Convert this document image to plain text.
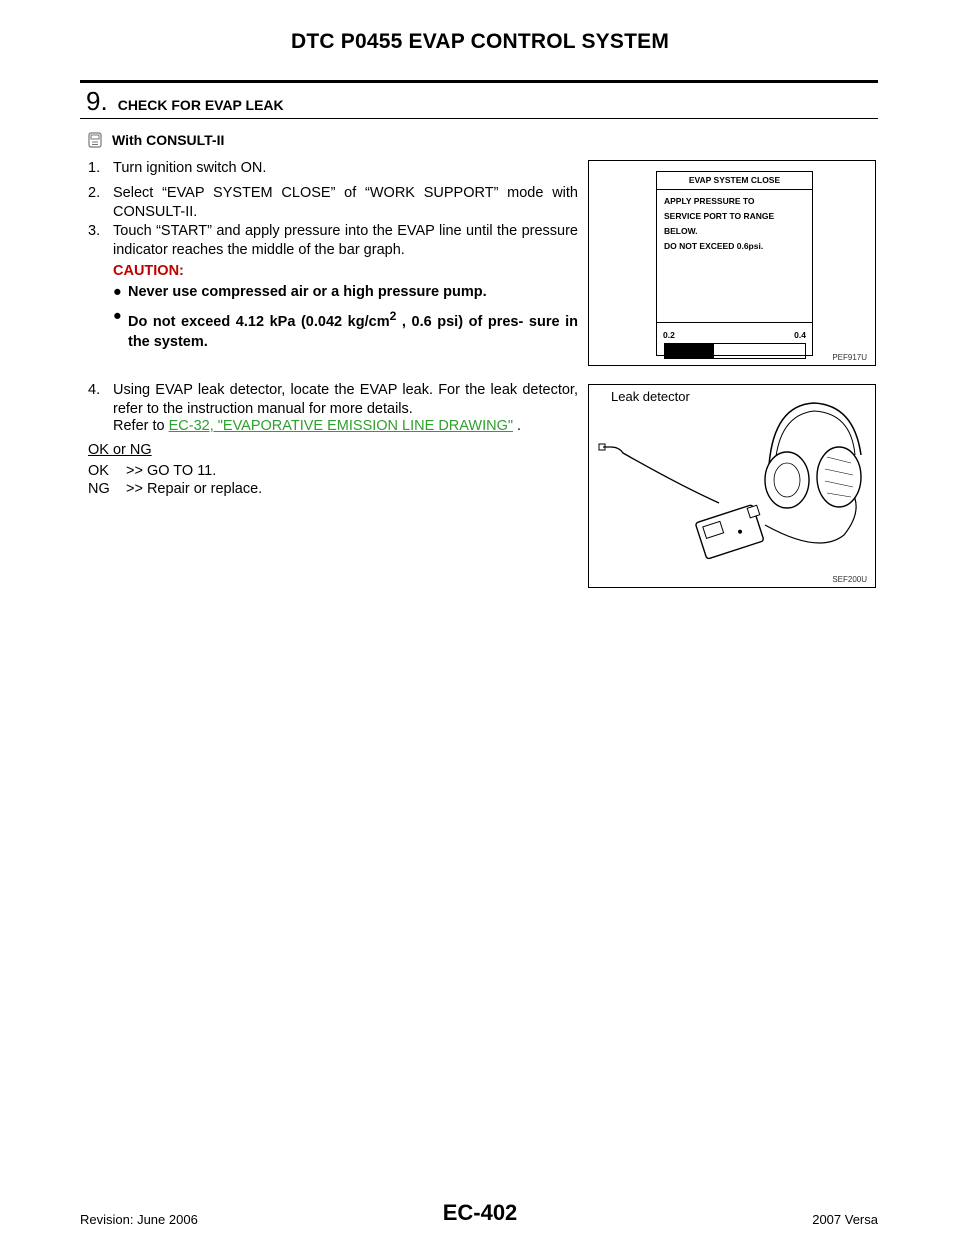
DTC P0455 EVAP CONTROL SYSTEM
9 . CHECK FOR EVAP LEAK
With CONSULT-II
1. Turn ignition switch ON.
2. Select “EVAP SYSTEM CLOSE” of “WORK SUPPORT” mode with CONSULT-II.
3. Touch “START” and apply pressure into the EVAP line until the pressure indicator reaches the middle of the bar graph.
CAUTION:
● Never use compressed air or a high pressure pump.
● Do not exceed 4.12 kPa (0.042 $kg/cm^2$ , 0.6 psi) of pres- sure in the system.
4. Using EVAP leak detector, locate the EVAP leak. For the leak detector, refer to the instruction manual for more details.
Refer to EC-32, "EVAPORATIVE EMISSION LINE DRAWING" .
OK or NG
OK >> GO TO 11.
NG >> Repair or replace.
EVAP SYSTEM CLOSE
APPLY PRESSURE TO
SERVICE PORT TO RANGE
BELOW.
DO NOT EXCEED 0.6psi.
0.2	0.4
PEF917U
Leak detector
SEF200U
Revision: June 2006	EC-402	2007 Versa
